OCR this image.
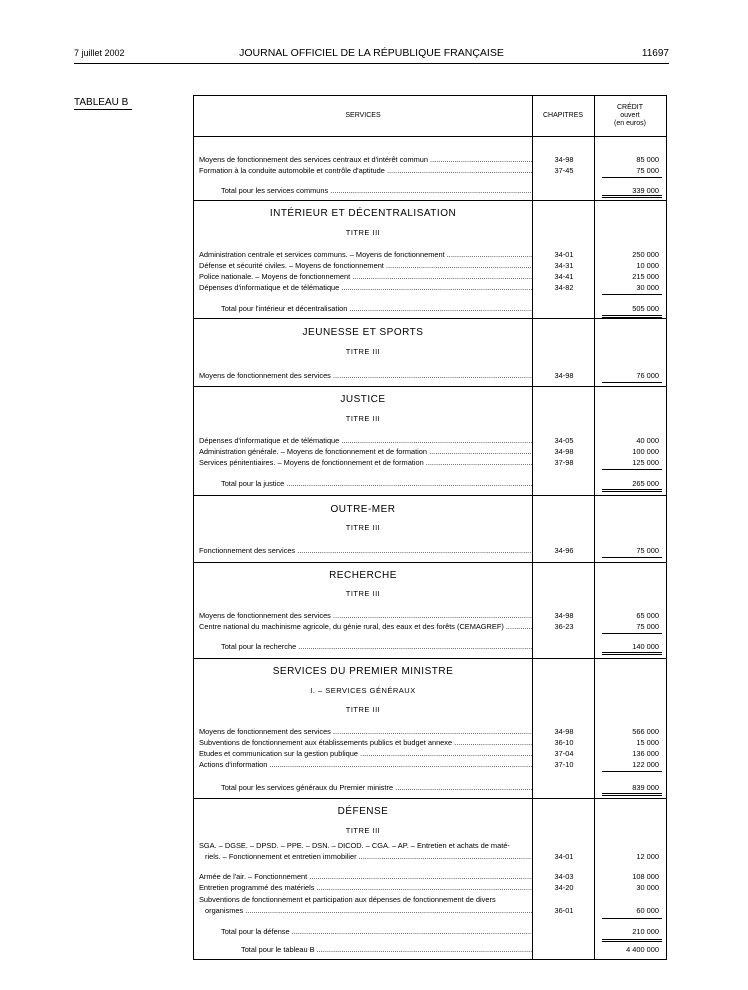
7 juillet 2002	JOURNAL OFFICIEL DE LA RÉPUBLIQUE FRANÇAISE	11697
TABLEAU B
SERVICES	CHAPITRES
CRÉDIT
ouvert
(en euros)
Moyens de fonctionnement des services centraux et d'intérêt commun .....	34-98	85 000
Formation à la conduite automobile et contrôle d'aptitude .....	37-45	75 000
Total pour les services communs .....	339 000
INTÉRIEUR ET DÉCENTRALISATION
TITRE III
Administration centrale et services communs. – Moyens de fonctionnement .....	34-01	250 000
Défense et sécurité civiles. – Moyens de fonctionnement .....	34-31	10 000
Police nationale. – Moyens de fonctionnement .....	34-41	215 000
Dépenses d'informatique et de télématique .....	34-82	30 000
Total pour l'intérieur et décentralisation .....	505 000
JEUNESSE ET SPORTS
TITRE III
Moyens de fonctionnement des services .....	34-98	76 000
JUSTICE
TITRE III
Dépenses d'informatique et de télématique .....	34-05	40 000
Administration générale. – Moyens de fonctionnement et de formation .....	34-98	100 000
Services pénitentiaires. – Moyens de fonctionnement et de formation .....	37-98	125 000
Total pour la justice .....	265 000
OUTRE-MER
TITRE III
Fonctionnement des services .....	34-96	75 000
RECHERCHE
TITRE III
Moyens de fonctionnement des services .....	34-98	65 000
Centre national du machinisme agricole, du génie rural, des eaux et des forêts (CEMAGREF) .....	36-23	75 000
Total pour la recherche .....	140 000
SERVICES DU PREMIER MINISTRE
I. – SERVICES GÉNÉRAUX
TITRE III
Moyens de fonctionnement des services .....	34-98	566 000
Subventions de fonctionnement aux établissements publics et budget annexe .....	36-10	15 000
Etudes et communication sur la gestion publique .....	37-04	136 000
Actions d'information .....	37-10	122 000
Total pour les services généraux du Premier ministre .....	839 000
DÉFENSE
TITRE III
SGA. – DGSE. – DPSD. – PPE. – DSN. – DICOD. – CGA. – AP. – Entretien et achats de maté-
riels. – Fonctionnement et entretien immobilier .....	34-01	12 000
Armée de l'air. – Fonctionnement .....	34-03	108 000
Entretien programmé des matériels .....	34-20	30 000
Subventions de fonctionnement et participation aux dépenses de fonctionnement de divers
organismes .....	36-01	60 000
Total pour la défense .....	210 000
Total pour le tableau B .....	4 400 000
